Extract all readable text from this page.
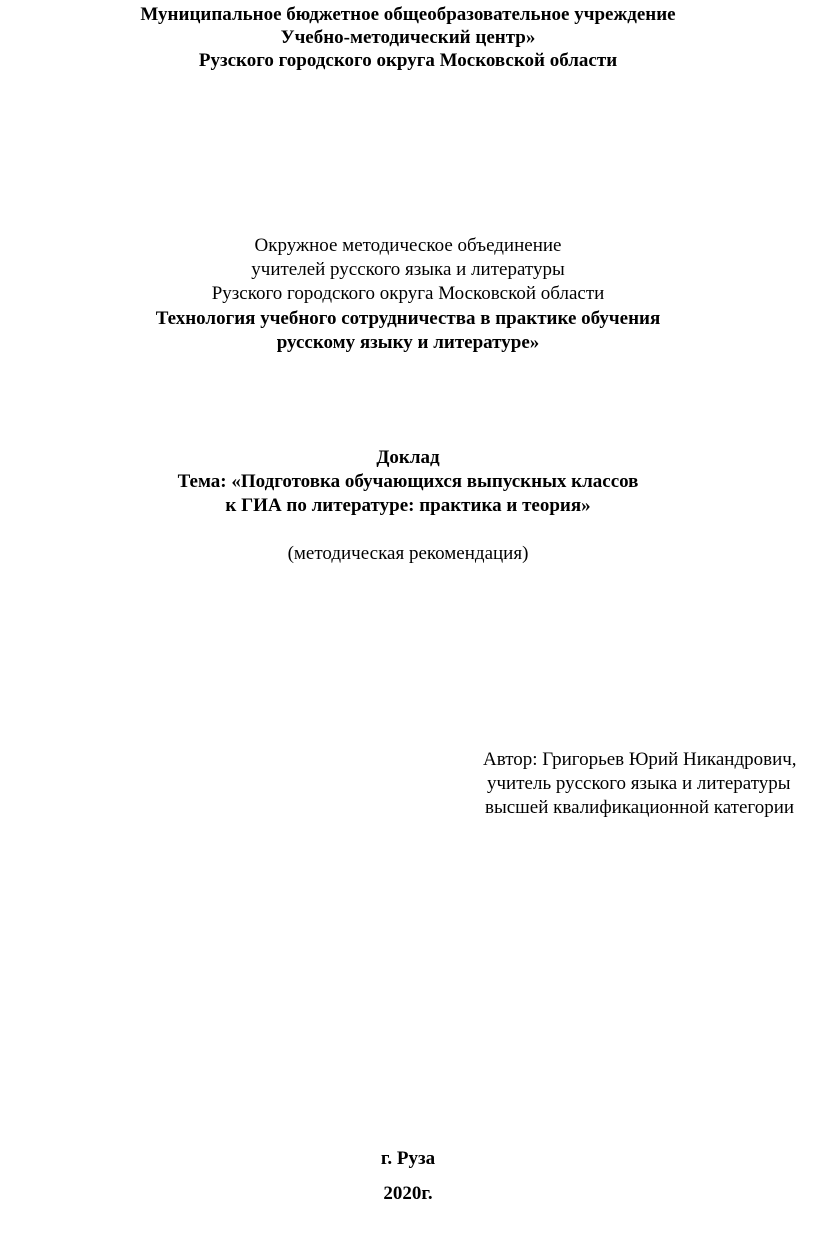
Муниципальное бюджетное общеобразовательное учреждение
Учебно-методический центр»
Рузского городского округа Московской области
Окружное методическое объединение
учителей русского языка и литературы
Рузского городского округа Московской области
Технология учебного сотрудничества в практике обучения
русскому языку и литературе»
Доклад
Тема: «Подготовка обучающихся выпускных классов
к ГИА по литературе: практика и теория»
(методическая рекомендация)
Автор: Григорьев Юрий Никандрович,
учитель русского языка и литературы
высшей квалификационной категории
г. Руза
2020г.
